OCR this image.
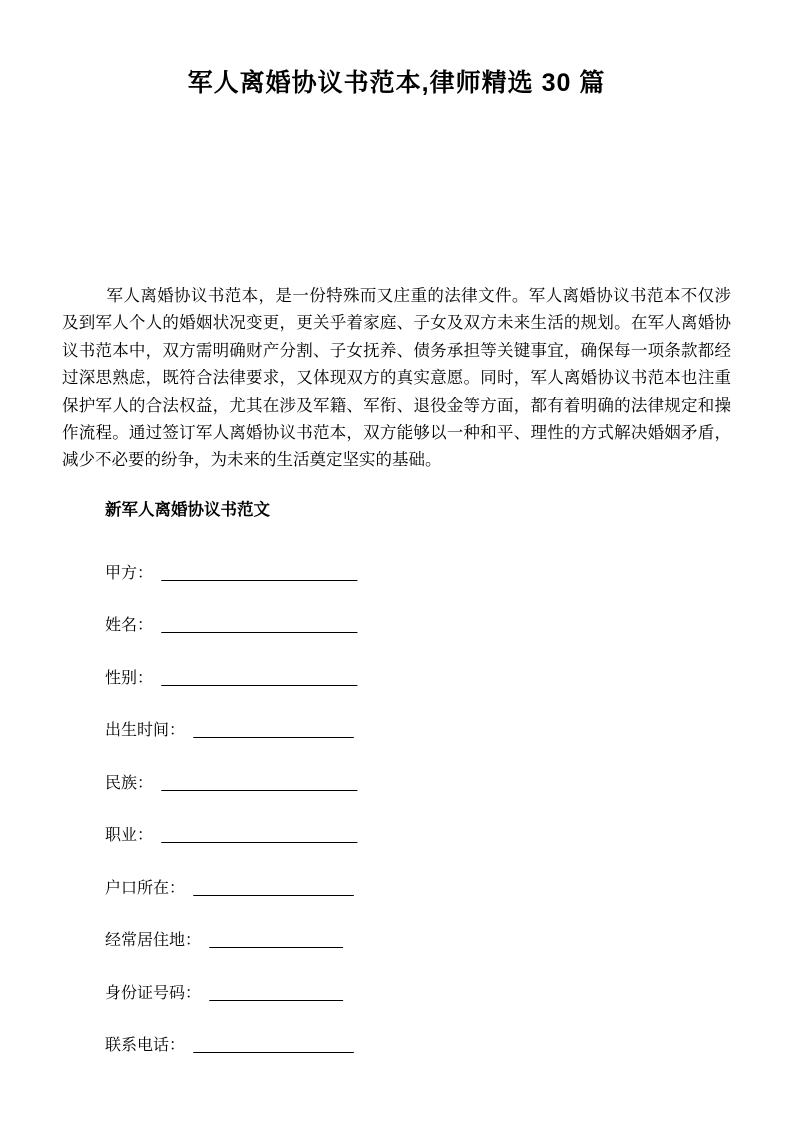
军人离婚协议书范本,律师精选 30 篇

军人离婚协议书范本，是一份特殊而又庄重的法律文件。军人离婚协议书范本不仅涉及到军人个人的婚姻状况变更，更关乎着家庭、子女及双方未来生活的规划。在军人离婚协议书范本中，双方需明确财产分割、子女抚养、债务承担等关键事宜，确保每一项条款都经过深思熟虑，既符合法律要求，又体现双方的真实意愿。同时，军人离婚协议书范本也注重保护军人的合法权益，尤其在涉及军籍、军衔、退役金等方面，都有着明确的法律规定和操作流程。通过签订军人离婚协议书范本，双方能够以一种和平、理性的方式解决婚姻矛盾，减少不必要的纷争，为未来的生活奠定坚实的基础。

新军人离婚协议书范文
甲方： ______________________
姓名： ______________________
性别： ______________________
出生时间： __________________
民族： ______________________
职业： ______________________
户口所在： __________________
经常居住地： _______________
身份证号码： _______________
联系电话： __________________
